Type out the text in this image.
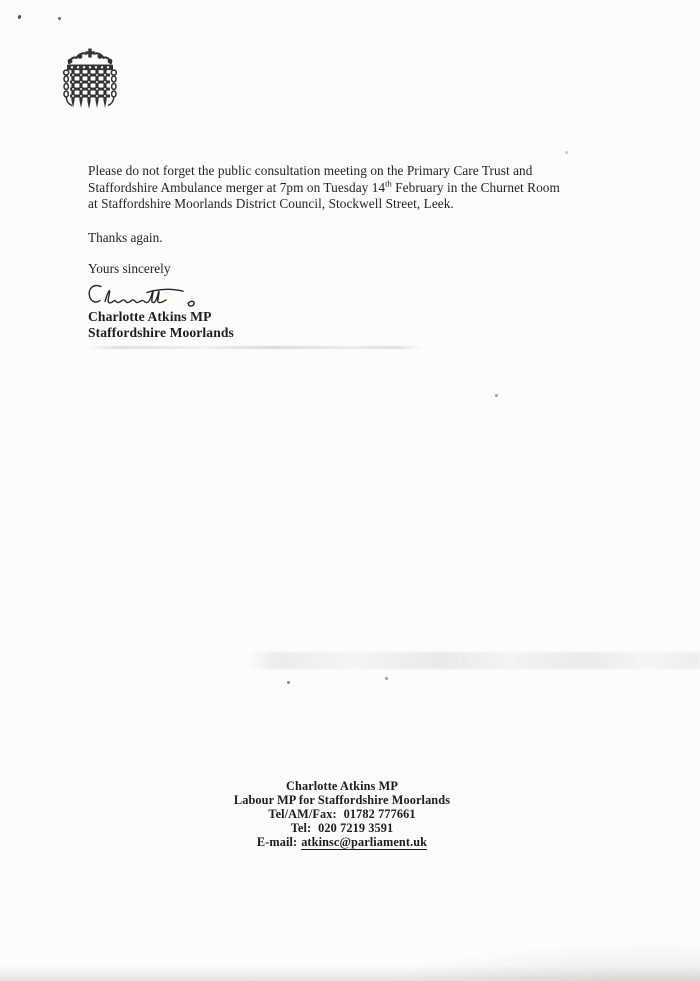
Please do not forget the public consultation meeting on the Primary Care Trust and
Staffordshire Ambulance merger at 7pm on Tuesday 14th February in the Churnet Room
at Staffordshire Moorlands District Council, Stockwell Street, Leek.
Thanks again.
Yours sincerely
Charlotte Atkins MP
Staffordshire Moorlands
Charlotte Atkins MP
Labour MP for Staffordshire Moorlands
Tel/AM/Fax: 01782 777661
Tel: 020 7219 3591
E-mail: atkinsc@parliament.uk
